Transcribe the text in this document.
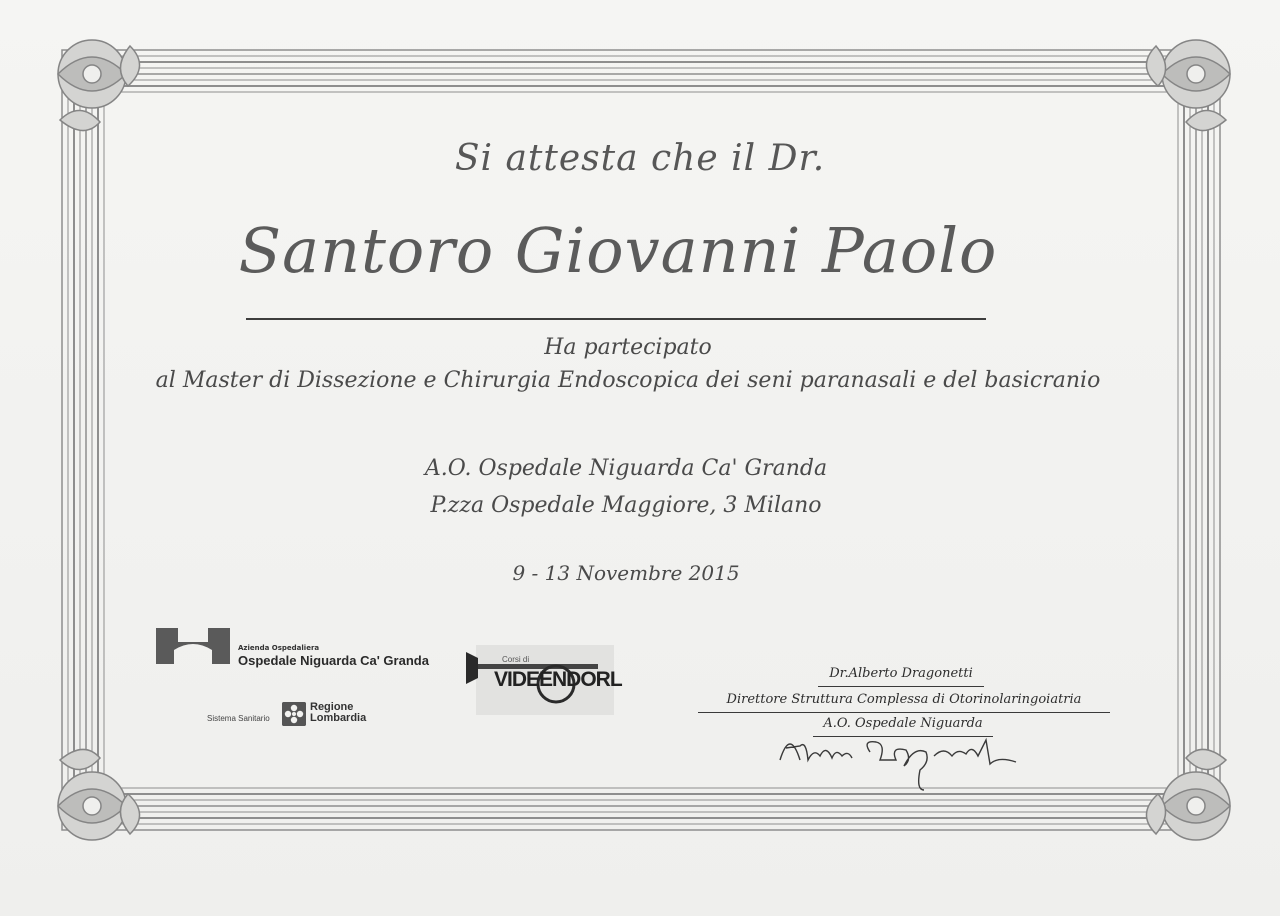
Si attesta che il Dr.
Santoro Giovanni Paolo
Ha partecipato
al Master di Dissezione e Chirurgia Endoscopica dei seni paranasali e del basicranio
A.O. Ospedale Niguarda Ca' Granda
P.zza Ospedale Maggiore, 3 Milano
9 - 13 Novembre 2015
Azienda Ospedaliera
Ospedale Niguarda Ca' Granda
Sistema Sanitario
Regione
Lombardia
Corsi di
VIDEENDORL	Dr.Alberto Dragonetti
Direttore Struttura Complessa di Otorinolaringoiatria
A.O. Ospedale Niguarda
